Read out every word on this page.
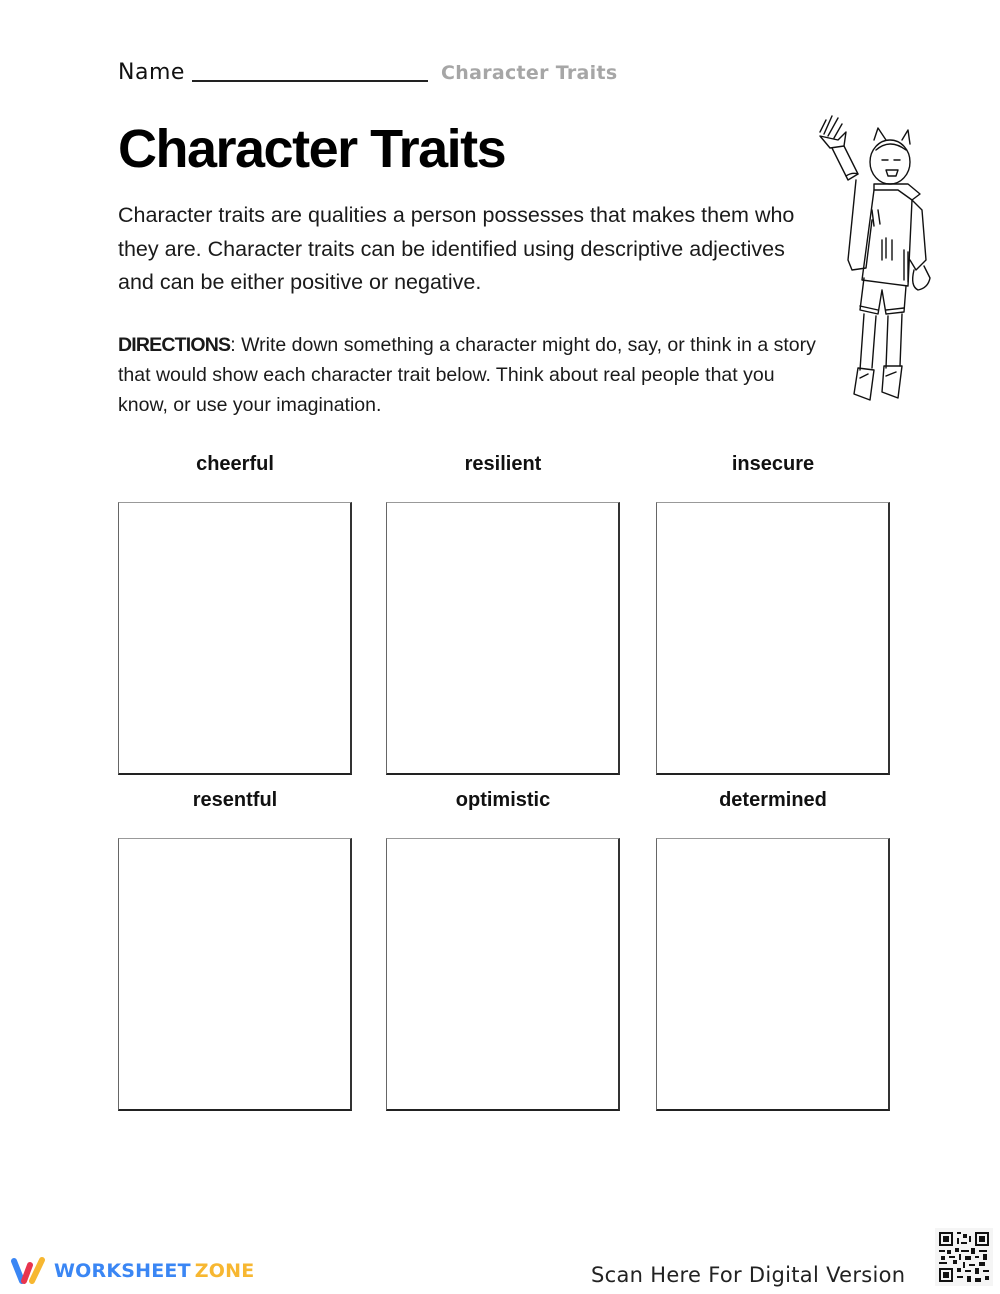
Name	Character Traits
Character Traits
Character traits are qualities a person possesses that makes them who they are. Character traits can be identified using descriptive adjectives and can be either positive or negative.
DIRECTIONS: Write down something a character might do, say, or think in a story that would show each character trait below. Think about real people that you know, or use your imagination.
cheerful	resilient	insecure
resentful	optimistic	determined
WORKSHEET ZONE	Scan Here For Digital Version
